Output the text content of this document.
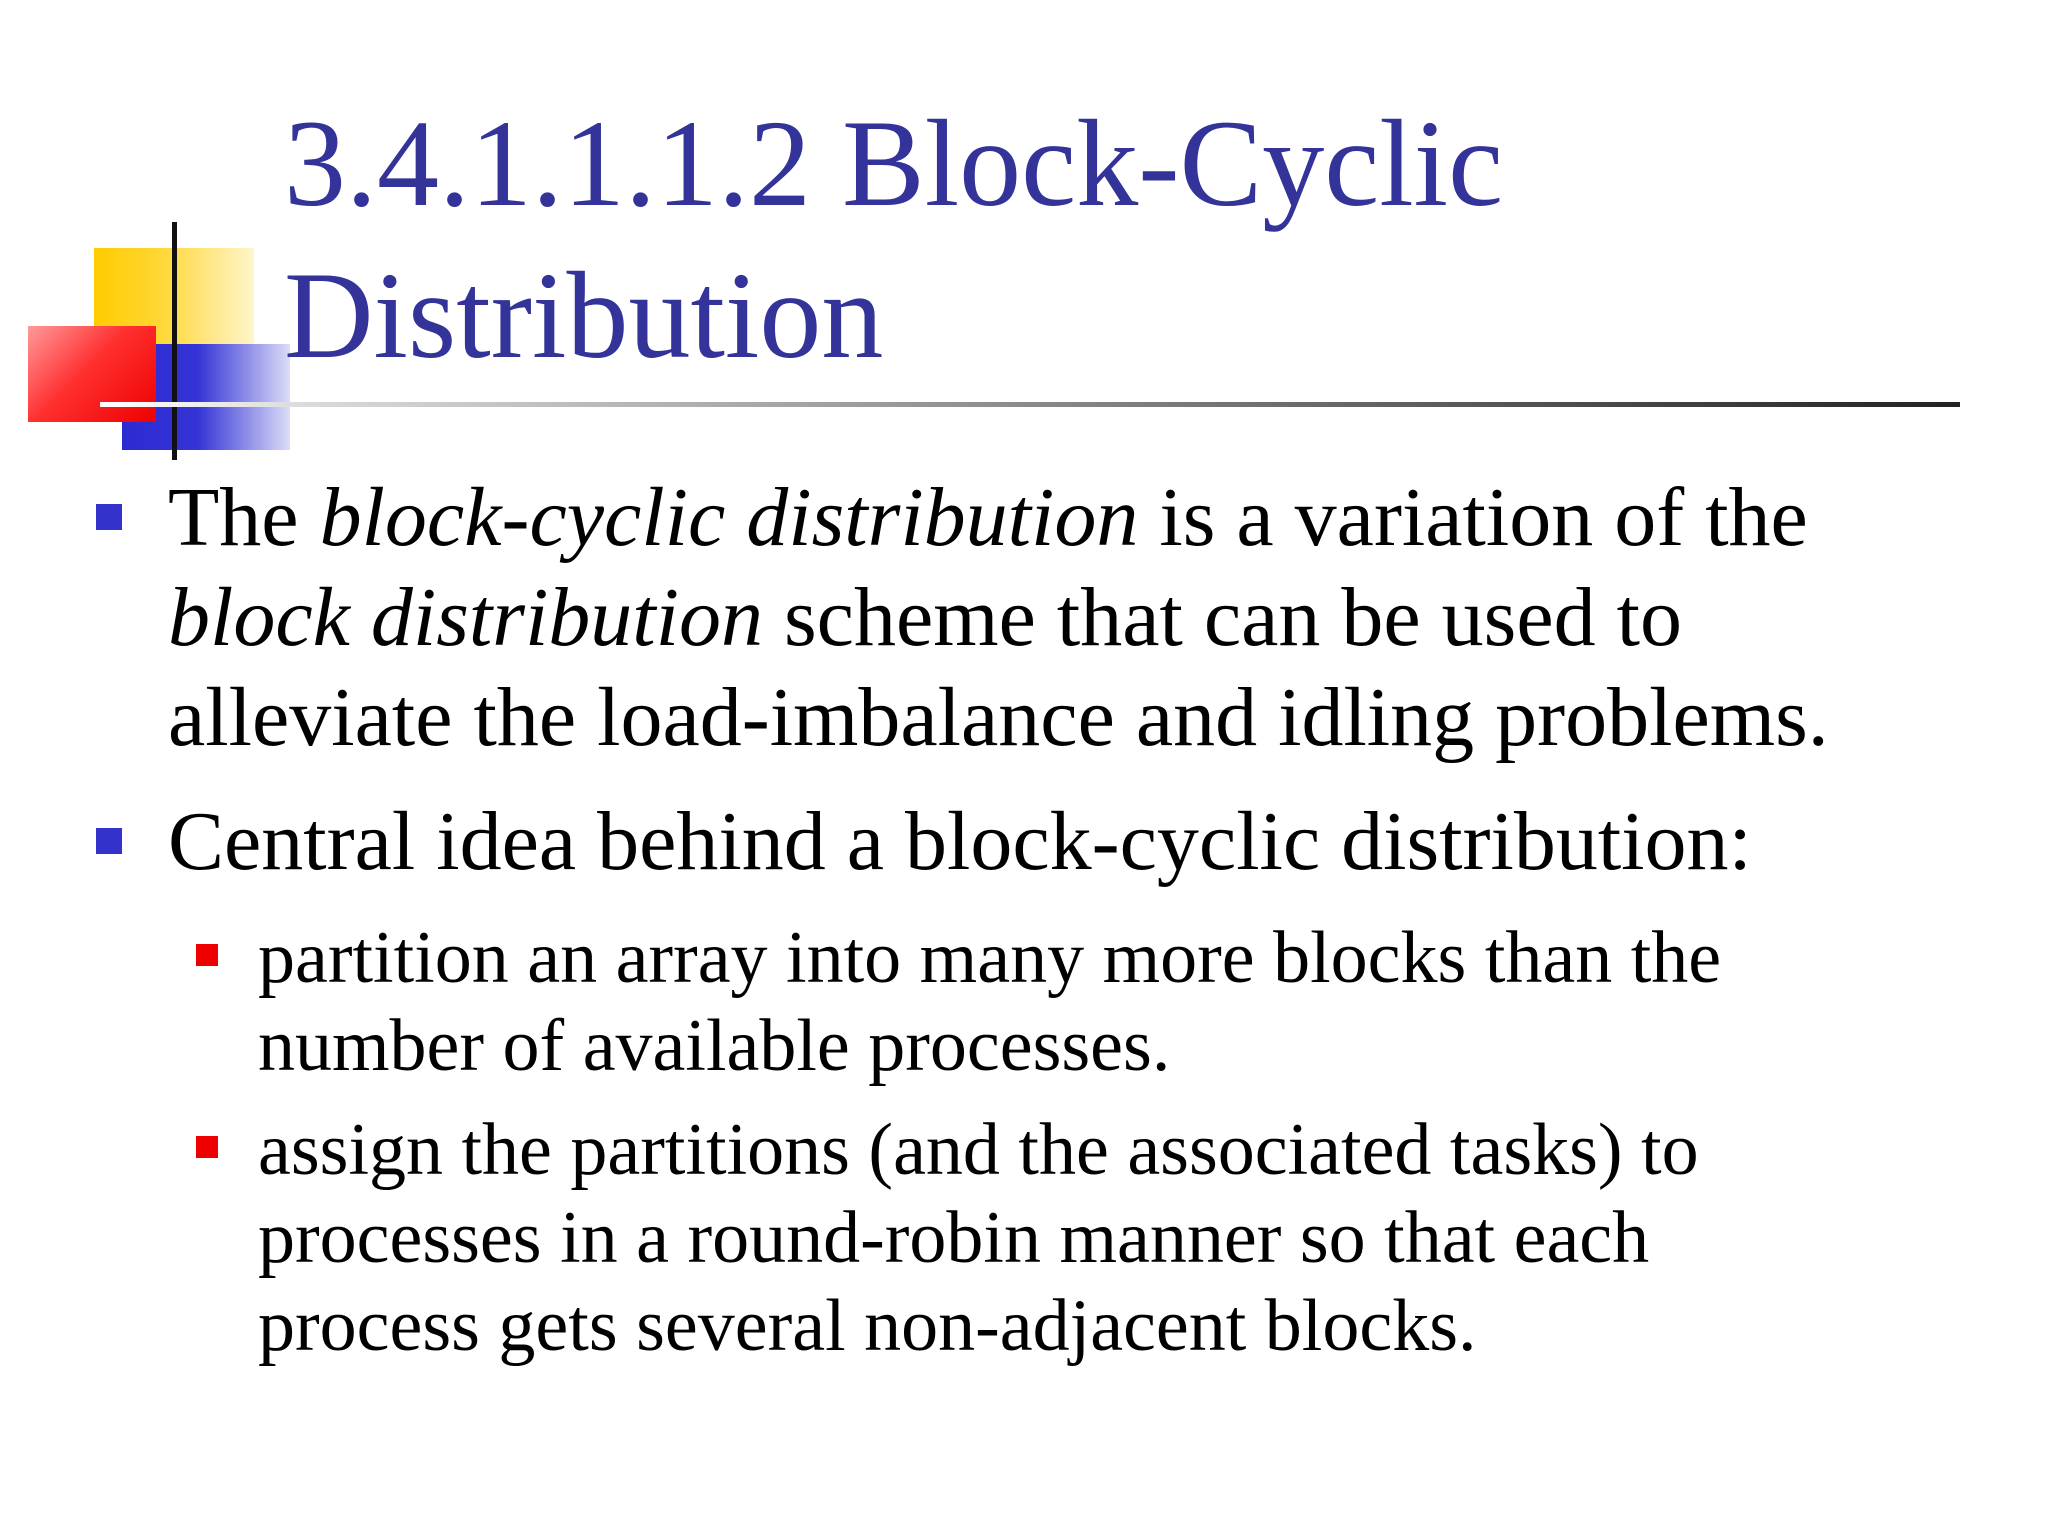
3.4.1.1.1.2 Block-Cyclic
Distribution
The block-cyclic distribution is a variation of the
block distribution scheme that can be used to
alleviate the load-imbalance and idling problems.
Central idea behind a block-cyclic distribution:
partition an array into many more blocks than the
number of available processes.
assign the partitions (and the associated tasks) to
processes in a round-robin manner so that each
process gets several non-adjacent blocks.
